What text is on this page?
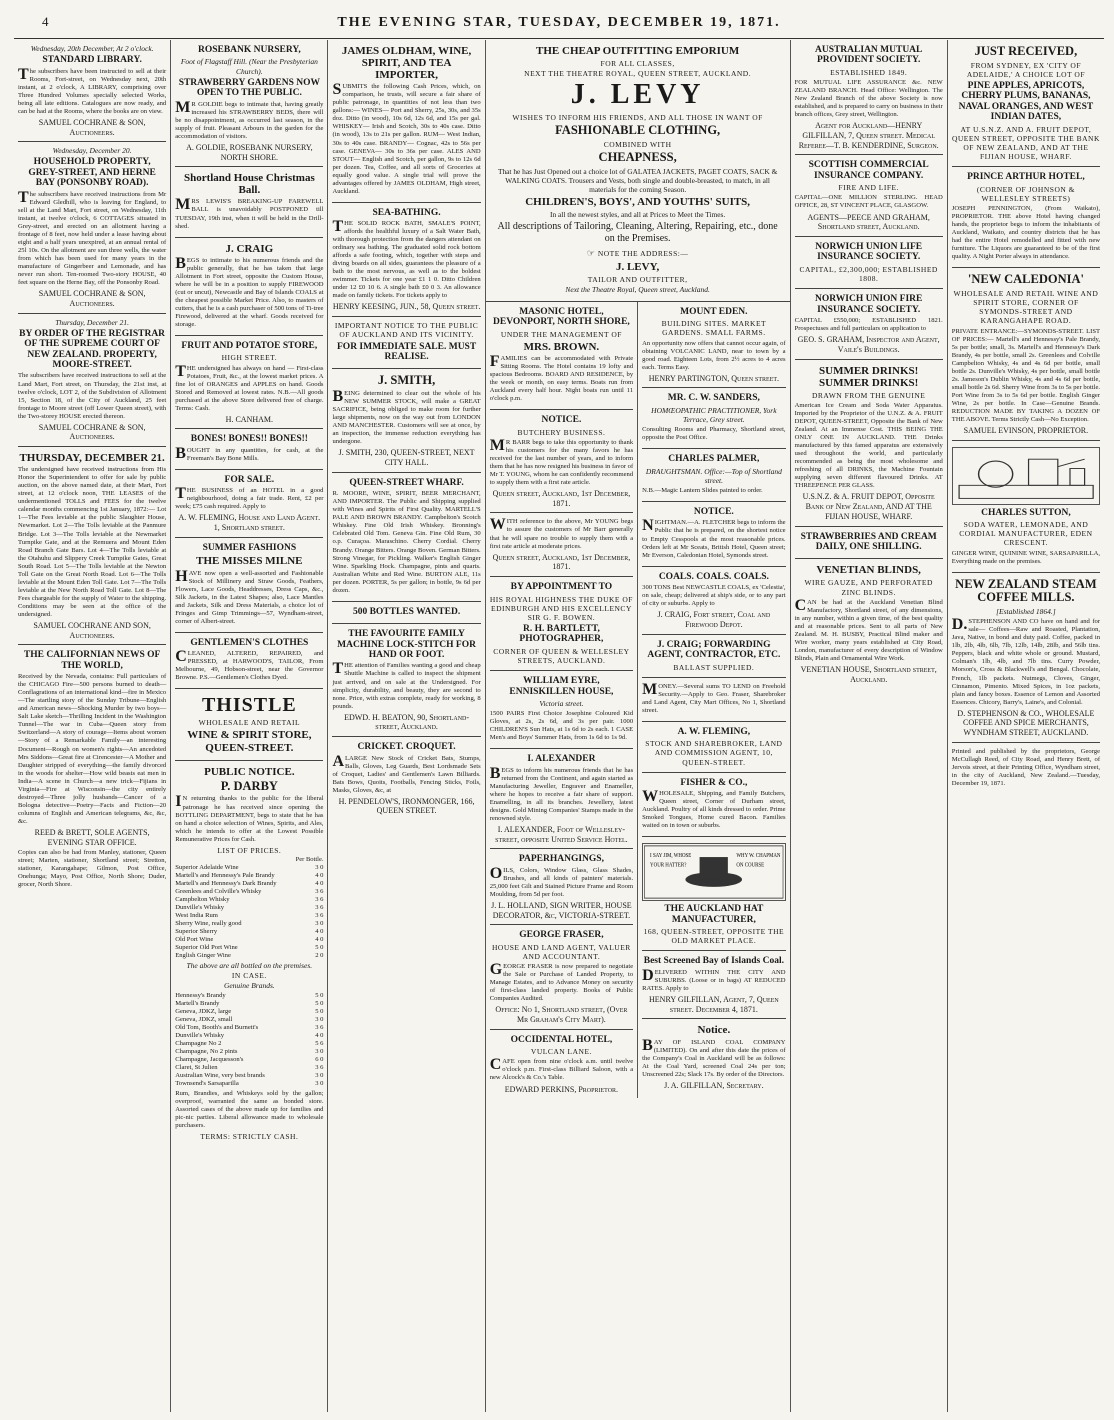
4	THE EVENING STAR, TUESDAY, DECEMBER 19, 1871.
Wednesday, 20th December, At 2 o'clock.
STANDARD LIBRARY.

The subscribers have been instructed to sell at their Rooms, Fort-street, on Wednesday next, 20th instant, at 2 o'clock, A LIBRARY, comprising over Three Hundred Volumes specially selected Works, being all late editions. Catalogues are now ready, and can be had at the Rooms, where the books are on view.

SAMUEL COCHRANE & SON, Auctioneers.
Wednesday, December 20.
HOUSEHOLD PROPERTY, GREY-STREET, AND HERNE BAY (PONSONBY ROAD).

The subscribers have received instructions from Mr Edward Gledhill, who is leaving for England, to sell at the Land Mart, Fort street, on Wednesday, 11th instant, at twelve o'clock, 6 COTTAGES situated in Grey-street, and erected on an allotment having a frontage of 8 feet, now held under a lease having about eight and a half years unexpired, at an annual rental of 25l 10s. On the allotment are sun three wells, the water from which has been used for many years in the manufacture of Gingerbeer and Lemonade, and has never run short. Ten-roomed Two-story HOUSE, 40 feet square on the Herne Bay, off the Ponsonby Road.

SAMUEL COCHRANE & SON, Auctioneers.
Thursday, December 21.
BY ORDER OF THE REGISTRAR OF THE SUPREME COURT OF NEW ZEALAND. PROPERTY, MOORE-STREET.

The subscribers have received instructions to sell at the Land Mart, Fort street, on Thursday, the 21st inst, at twelve o'clock, LOT 2, of the Subdivision of Allotment 15, Section 18, of the City of Auckland, 25 feet frontage to Moore street (off Lower Queen street), with the Two-storey HOUSE erected thereon.

SAMUEL COCHRANE & SON, Auctioneers.
THURSDAY, DECEMBER 21.

The undersigned have received instructions from His Honor the Superintendent to offer for sale by public auction, on the above named date, at their Mart, Fort street, at 12 o'clock noon, THE LEASES of the undermentioned TOLLS and FEES for the twelve calendar months commencing 1st January, 1872:— Lot 1—The Fees leviable at the public Slaughter House, Newmarket. Lot 2—The Tolls leviable at the Panmure Bridge. Lot 3—The Tolls leviable at the Newmarket Turnpike Gate, and at the Remuera and Mount Eden Road Branch Gate Bars. Lot 4—The Tolls leviable at the Otahuhu and Slippery Creek Turnpike Gates, Great South Road. Lot 5—The Tolls leviable at the Newton Toll Gate on the Great North Road. Lot 6—The Tolls leviable at the Mount Eden Toll Gate. Lot 7—The Tolls leviable at the New North Road Toll Gate. Lot 8—The Fees chargeable for the supply of Water to the shipping. Conditions may be seen at the office of the undersigned.

SAMUEL COCHRANE AND SON, Auctioneers.
THE CALIFORNIAN NEWS OF THE WORLD,

Received by the Nevada, contains: Full particulars of the CHICAGO Fire—500 persons burned to death—Conflagrations of an international kind—fire in Mexico—The startling story of the Sunday Tribune—English and American news—Shocking Murder by two boys—Salt Lake sketch—Thrilling Incident in the Washington Tunnel—The war in Cuba—Queen story from Switzerland—A story of courage—Items about women—Story of a Remarkable Family—an interesting Document—Rough on women's rights—An ancedoted Mrs Siddons—Great fire at Cirencester—A Mother and Daughter stripped of everything—the family divorced in the woods for shelter—How wild beasts eat men in India—A scene in Church—a new trick—Fijians in Virginia—Fire at Wisconsin—the city entirely destroyed—Three jolly husbands—Cancer of a Bologna detective—Poetry—Facts and Fiction—20 columns of English and American telegrams, &c, &c, &c.

REED & BRETT, SOLE AGENTS, EVENING STAR OFFICE.

Copies can also be had from Manley, stationer, Queen street; Marten, stationer, Shortland street; Stretton, stationer, Karangahape; Gilmon, Post Office, Onehunga; Mayo, Post Office, North Shore; Duder, grocer, North Shore.

ROSEBANK NURSERY,
Foot of Flagstaff Hill. (Near the Presbyterian Church).
STRAWBERRY GARDENS NOW OPEN TO THE PUBLIC.

MR GOLDIE begs to intimate that, having greatly increased his STRAWBERRY BEDS, there will be no disappointment, as occurred last season, in the supply of fruit. Pleasant Arbours in the garden for the accommodation of visitors.

A. GOLDIE, ROSEBANK NURSERY, NORTH SHORE.
Shortland House Christmas Ball.

MRS LEWIS'S BREAKING-UP FAREWELL BALL is unavoidably POSTPONED till TUESDAY, 19th inst, when it will be held in the Drill-shed.

J. CRAIG

BEGS to intimate to his numerous friends and the public generally, that he has taken that large Allotment in Fort street, opposite the Custom House, where he will be in a position to supply FIREWOOD (cut or uncut), Newcastle and Bay of Islands COALS at the cheapest possible Market Price. Also, to masters of cutters, that he is a cash purchaser of 500 tons of Ti-tree Firewood, delivered at the wharf. Goods received for storage.

FRUIT AND POTATOE STORE,
HIGH STREET.

THE undersigned has always on hand — First-class Potatoes, Fruit, &c., at the lowest market prices. A fine lot of ORANGES and APPLES on hand. Goods Stored and Removed at lowest rates. N.B.—All goods purchased at the above Store delivered free of charge. Terms: Cash.

H. CANHAM.
BONES! BONES!! BONES!!

BOUGHT in any quantities, for cash, at the Freeman's Bay Bone Mills.

FOR SALE.

THE BUSINESS of an HOTEL in a good neighbourhood, doing a fair trade. Rent, £2 per week; £75 cash required. Apply to

A. W. FLEMING, House and Land Agent. 1, Shortland street.
SUMMER FASHIONS
THE MISSES MILNE

HAVE now open a well-assorted and Fashionable Stock of Millinery and Straw Goods, Feathers, Flowers, Lace Goods, Headdresses, Dress Caps, &c., Silk Jackets, in the Latest Shapes; also, Lace Mantles and Jackets, Silk and Dress Materials, a choice lot of Fringes and Gimp Trimmings—57, Wyndham-street, corner of Albert-street.

GENTLEMEN'S CLOTHES

CLEANED, ALTERED, REPAIRED, and PRESSED, at HARWOOD'S, TAILOR, From Melbourne, 49, Hobson-street, near the Governor Browne. P.S.—Gentlemen's Clothes Dyed.

THISTLE
WHOLESALE AND RETAIL
WINE & SPIRIT STORE, QUEEN-STREET.
PUBLIC NOTICE.
P. DARBY

IN returning thanks to the public for the liberal patronage he has received since opening the BOTTLING DEPARTMENT, begs to state that he has on hand a choice selection of Wines, Spirits, and Ales, which he intends to offer at the Lowest Possible Remunerative Prices for Cash.

LIST OF PRICES.
Per Bottle.
Superior Adelaide Wine	3 0
Martell's and Hennessy's Pale Brandy	4 0
Martell's and Hennessy's Dark Brandy	4 0
Greenlees and Colville's Whisky	3 6
Campbelton Whisky	3 6
Dunville's Whisky	3 6
West India Rum	3 6
Sherry Wine, really good	3 0
Superior Sherry	4 0
Old Port Wine	4 0
Superior Old Port Wine	5 0
English Ginger Wine	2 0
The above are all bottled on the premises.
IN CASE.
Genuine Brands.
Hennessy's Brandy	5 0
Martell's Brandy	5 0
Geneva, JDKZ, large	5 0
Geneva, JDKZ, small	3 0
Old Tom, Booth's and Burnett's	3 6
Dunville's Whisky	4 0
Champagne No 2	5 6
Champagne, No 2 pints	3 0
Champagne, Jacquesson's	6 0
Claret, St Julien	3 6
Australian Wine, very best brands	3 0
Townsend's Sarsaparilla	3 0

Rum, Brandies, and Whiskeys sold by the gallon; overproof, warranted the same as bonded store. Assorted cases of the above made up for families and pic-nic parties. Liberal allowance made to wholesale purchasers.

TERMS: STRICTLY CASH.
JAMES OLDHAM, WINE, SPIRIT, AND TEA IMPORTER,

SUBMITS the following Cash Prices, which, on comparison, he trusts, will secure a fair share of public patronage, in quantities of not less than two gallons:— WINES— Port and Sherry, 25s, 30s, and 35s doz. Ditto (in wood), 10s 6d, 12s 6d, and 15s per gal. WHISKEY— Irish and Scotch, 30s to 40s case. Ditto (in wood), 13s to 21s per gallon. RUM— West Indian, 30s to 40s case. BRANDY— Cognac, 42s to 56s per case. GENEVA— 30s to 36s per case. ALES AND STOUT— English and Scotch, per gallon, 9s to 12s 6d per dozen. Tea, Coffee, and all sorts of Groceries at equally good value. A single trial will prove the advantages offered by JAMES OLDHAM, High street, Auckland.

SEA-BATHING.

THE SOLID ROCK BATH, SMALE'S POINT, affords the healthful luxury of a Salt Water Bath, with thorough protection from the dangers attendant on ordinary sea bathing. The graduated solid rock bottom affords a safe footing, which, together with steps and diving boards on all sides, guarantees the pleasure of a bath to the most nervous, as well as to the boldest swimmer. Tickets for one year £1 1 0. Ditto Children under 12 £0 10 6. A single bath £0 0 3. An allowance made on family tickets. For tickets apply to

HENRY KEESING, JUN., 58, Queen street.
IMPORTANT NOTICE TO THE PUBLIC OF AUCKLAND AND ITS VICINITY.
FOR IMMEDIATE SALE. MUST REALISE.
J. SMITH,

BEING determined to clear out the whole of his NEW SUMMER STOCK, will make a GREAT SACRIFICE, being obliged to make room for further large shipments, now on the way out from LONDON AND MANCHESTER. Customers will see at once, by an inspection, the immense reduction everything has undergone.

J. SMITH, 230, QUEEN-STREET, NEXT CITY HALL.
QUEEN-STREET WHARF.

R. MOORE, WINE, SPIRIT, BEER MERCHANT, AND IMPORTER. The Public and Shipping supplied with Wines and Spirits of First Quality. MARTELL'S PALE AND BROWN BRANDY. Campbelton's Scotch Whiskey. Fine Old Irish Whiskey. Bronning's Celebrated Old Tom. Geneva Gin. Fine Old Rum, 30 o.p. Curaçoa. Maraschino. Cherry Cordial. Cherry Brandy. Orange Bitters. Orange Boven. German Bitters. Strong Vinegar, for Pickling. Walker's English Ginger Wine. Sparkling Hock. Champagne, pints and quarts. Australian White and Red Wine. BURTON ALE, 11s per dozen. PORTER, 5s per gallon; in bottle, 9s 6d per dozen.

500 BOTTLES WANTED.
THE FAVOURITE FAMILY MACHINE LOCK-STITCH FOR HAND OR FOOT.

THE attention of Families wanting a good and cheap Shuttle Machine is called to inspect the shipment just arrived, and on sale at the Undersigned. For simplicity, durability, and beauty, they are second to none. Price, with extras complete, ready for working, 8 pounds.

EDWD. H. BEATON, 90, Shortland-street, Auckland.
CRICKET. CROQUET.

ALARGE New Stock of Cricket Bats, Stumps, Balls, Gloves, Leg Guards, Best Lordsmade Sets of Croquet, Ladies' and Gentlemen's Lawn Billiards. Bats Bows, Quoits, Footballs, Fencing Sticks, Foils, Masks, Gloves, &c, at

H. PENDELOW'S, IRONMONGER, 166, QUEEN STREET.
THE CHEAP OUTFITTING EMPORIUM
FOR ALL CLASSES,
NEXT THE THEATRE ROYAL, QUEEN STREET, AUCKLAND.
J. LEVY
WISHES TO INFORM HIS FRIENDS, AND ALL THOSE IN WANT OF
FASHIONABLE CLOTHING,
COMBINED WITH
CHEAPNESS,

That he has Just Opened out a choice lot of GALATEA JACKETS, PAGET COATS, SACK & WALKING COATS. Trousers and Vests, both single and double-breasted, to match, in all materials for the coming Season.

CHILDREN'S, BOYS', AND YOUTHS' SUITS,

In all the newest styles, and all at Prices to Meet the Times.

All descriptions of Tailoring, Cleaning, Altering, Repairing, etc., done on the Premises.

☞ NOTE THE ADDRESS:—
J. LEVY,
TAILOR AND OUTFITTER,
Next the Theatre Royal, Queen street, Auckland.
MASONIC HOTEL, DEVONPORT, NORTH SHORE,
UNDER THE MANAGEMENT OF
MRS. BROWN.

FAMILIES can be accommodated with Private Sitting Rooms. The Hotel contains 19 lofty and spacious Bedrooms. BOARD AND RESIDENCE, by the week or month, on easy terms. Boats run from Auckland every half hour. Night boats run until 11 o'clock p.m.

NOTICE.
BUTCHERY BUSINESS.

MR BARR begs to take this opportunity to thank his customers for the many favors he has received for the last number of years, and to inform them that he has now resigned his business in favor of Mr T. YOUNG, whom he can confidently recommend to supply them with a first rate article.

Queen street, Auckland, 1st December, 1871.

WITH reference to the above, Mr YOUNG begs to assure the customers of Mr Barr generally that he will spare no trouble to supply them with a first rate article at moderate prices.

Queen street, Auckland, 1st December, 1871.
BY APPOINTMENT TO
HIS ROYAL HIGHNESS THE DUKE OF EDINBURGH AND HIS EXCELLENCY SIR G. F. BOWEN.
R. H. BARTLETT, PHOTOGRAPHER,
CORNER OF QUEEN & WELLESLEY STREETS, AUCKLAND.
WILLIAM EYRE, ENNISKILLEN HOUSE,
Victoria street.

1500 PAIRS First Choice Josephine Coloured Kid Gloves, at 2s, 2s 6d, and 3s per pair. 1000 CHILDREN'S Sun Hats, at 1s 6d to 2s each. 1 CASE Men's and Boys' Summer Hats, from 1s 6d to 1s 9d.

I. ALEXANDER

BEGS to inform his numerous friends that he has returned from the Continent, and again started as Manufacturing Jeweller, Engraver and Enameller, where he hopes to receive a fair share of support. Enamelling, in all its branches. Jewellery, latest designs. Gold Mining Companies' Stamps made in the renowned style.

I. ALEXANDER, Foot of Wellesley-street, opposite United Service Hotel.
PAPERHANGINGS,

OILS, Colors, Window Glass, Glass Shades, Brushes, and all kinds of painters' materials. 25,000 feet Gilt and Stained Picture Frame and Room Moulding, from 5d per foot.

J. L. HOLLAND, SIGN WRITER, HOUSE DECORATOR, &c, VICTORIA-STREET.
GEORGE FRASER,
HOUSE AND LAND AGENT, VALUER AND ACCOUNTANT.

GEORGE FRASER is now prepared to negotiate the Sale or Purchase of Landed Property, to Manage Estates, and to Advance Money on security of first-class landed property. Books of Public Companies Audited.

Office: No 1, Shortland street, (Over Mr Graham's City Mart).
OCCIDENTAL HOTEL,
VULCAN LANE.

CAFE open from nine o'clock a.m. until twelve o'clock p.m. First-class Billiard Saloon, with a new Alcock's & Co.'s Table.

EDWARD PERKINS, Proprietor.
MOUNT EDEN.
BUILDING SITES. MARKET GARDENS. SMALL FARMS.

An opportunity now offers that cannot occur again, of obtaining VOLCANIC LAND, near to town by a good road. Eighteen Lots, from 2½ acres to 4 acres each. Terms Easy.

HENRY PARTINGTON, Queen street.
MR. C. W. SANDERS,
HOMŒOPATHIC PRACTITIONER, York Terrace, Grey street.

Consulting Rooms and Pharmacy, Shortland street, opposite the Post Office.

CHARLES PALMER,
DRAUGHTSMAN. Office:—Top of Shortland street.

N.B.—Magic Lantern Slides painted to order.

NOTICE.

NIGHTMAN.—A. FLETCHER begs to inform the Public that he is prepared, on the shortest notice to Empty Cesspools at the most reasonable prices. Orders left at Mr Sceats, British Hotel, Queen street; Mr Everson, Caledonian Hotel, Symonds street.

COALS. COALS. COALS.

300 TONS Best NEWCASTLE COALS, ex 'Celestia', on sale, cheap; delivered at ship's side, or to any part of city or suburbs. Apply to

J. CRAIG, Fort street, Coal and Firewood Depot.
J. CRAIG; FORWARDING AGENT, CONTRACTOR, ETC.
BALLAST SUPPLIED.

MONEY.—Several sums TO LEND on Freehold Security.—Apply to Geo. Fraser, Sharebroker and Land Agent, City Mart Offices, No 1, Shortland street.

A. W. FLEMING,
STOCK AND SHAREBROKER, LAND AND COMMISSION AGENT, 10, QUEEN-STREET.
FISHER & CO.,

WHOLESALE, Shipping, and Family Butchers, Queen street, Corner of Durham street, Auckland. Poultry of all kinds dressed to order. Prime Smoked Tongues, Home cured Bacon. Families waited on in town or suburbs.

I SAY JIM, WHOSE
YOUR HATTER?
WHY W. CHAPMAN
ON COURSE
THE AUCKLAND HAT MANUFACTURER,
168, QUEEN-STREET, OPPOSITE THE OLD MARKET PLACE.
Best Screened Bay of Islands Coal.

DELIVERED WITHIN THE CITY AND SUBURBS. (Loose or in bags) AT REDUCED RATES. Apply to

HENRY GILFILLAN, Agent, 7, Queen street. December 4, 1871.
Notice.

BAY OF ISLAND COAL COMPANY (LIMITED). On and after this date the prices of the Company's Coal in Auckland will be as follows: At the Coal Yard, screened Coal 24s per ton; Unscreened 22s; Slack 17s. By order of the Directors.

J. A. GILFILLAN, Secretary.
AUSTRALIAN MUTUAL PROVIDENT SOCIETY.
ESTABLISHED 1849.

FOR MUTUAL LIFE ASSURANCE &c. NEW ZEALAND BRANCH. Head Office: Wellington. The New Zealand Branch of the above Society is now established, and is prepared to carry on business in their branch offices, Grey street, Wellington.

Agent for Auckland—HENRY GILFILLAN, 7, Queen street. Medical Referee—T. B. KENDERDINE, Surgeon.
SCOTTISH COMMERCIAL INSURANCE COMPANY.
FIRE AND LIFE.

CAPITAL—ONE MILLION STERLING. HEAD OFFICE, 28, ST VINCENT PLACE, GLASGOW.

AGENTS—PEECE AND GRAHAM, Shortland street, Auckland.
NORWICH UNION LIFE INSURANCE SOCIETY.
CAPITAL, £2,300,000; ESTABLISHED 1808.
NORWICH UNION FIRE INSURANCE SOCIETY.

CAPITAL £550,000; ESTABLISHED 1821. Prospectuses and full particulars on application to

GEO. S. GRAHAM, Inspector and Agent, Vaile's Buildings.
SUMMER DRINKS! SUMMER DRINKS!
DRAWN FROM THE GENUINE

American Ice Cream and Soda Water Apparatus. Imported by the Proprietor of the U.N.Z. & A. FRUIT DEPOT, QUEEN-STREET, Opposite the Bank of New Zealand. At an Immense Cost. THIS BEING THE ONLY ONE IN AUCKLAND. THE Drinks manufactured by this famed apparatus are extensively used throughout the world, and particularly recommended as being the most wholesome and refreshing of all DRINKS, the Machine Fountain supplying seven different flavoured Drinks. AT THREEPENCE PER GLASS.

U.S.N.Z. & A. FRUIT DEPOT, Opposite Bank of New Zealand, AND AT THE FIJIAN HOUSE, WHARF.
STRAWBERRIES AND CREAM DAILY, ONE SHILLING.
VENETIAN BLINDS,
WIRE GAUZE, AND PERFORATED ZINC BLINDS.

CAN be had at the Auckland Venetian Blind Manufactory, Shortland street, of any dimensions, in any number, within a given time, of the best quality and at reasonable prices. Sent to all parts of New Zealand. M. H. BUSBY, Practical Blind maker and Wire worker, many years established at City Road, London, manufacturer of every description of Window Blinds, Plain and Ornamental Wire Work.

VENETIAN HOUSE, Shortland street, Auckland.
JUST RECEIVED,
FROM SYDNEY, EX 'CITY OF ADELAIDE,' A CHOICE LOT OF
PINE APPLES, APRICOTS, CHERRY PLUMS, BANANAS, NAVAL ORANGES, AND WEST INDIAN DATES,
AT U.S.N.Z. AND A. FRUIT DEPOT, QUEEN STREET, OPPOSITE THE BANK OF NEW ZEALAND, AND AT THE FIJIAN HOUSE, WHARF.
PRINCE ARTHUR HOTEL,
(CORNER OF JOHNSON & WELLESLEY STREETS)

JOSEPH PENNINGTON, (From Waikato), PROPRIETOR. THE above Hotel having changed hands, the proprietor begs to inform the inhabitants of Auckland, Waikato, and country districts that he has had the entire Hotel remodelled and fitted with new furniture. The Liquors are guaranteed to be of the first quality. A Night Porter always in attendance.

'NEW CALEDONIA'
WHOLESALE AND RETAIL WINE AND SPIRIT STORE, CORNER OF SYMONDS-STREET AND KARANGAHAPE ROAD.

PRIVATE ENTRANCE:—SYMONDS-STREET. LIST OF PRICES:— Martell's and Hennessy's Pale Brandy, 5s per bottle; small, 3s. Martell's and Hennessy's Dark Brandy, 4s per bottle, small 2s. Greenlees and Colville Campbelton Whisky, 4s and 4s 6d per bottle, small bottle 2s. Dunville's Whisky, 4s per bottle, small bottle 2s. Jameson's Dublin Whisky, 4s and 4s 6d per bottle, small bottle 2s 6d. Sherry Wine from 3s to 5s per bottle. Port Wine from 3s to 5s 6d per bottle. English Ginger Wine, 2s per bottle. In Case—Genuine Brands. REDUCTION MADE BY TAKING A DOZEN OF THE ABOVE. Terms Strictly Cash—No Exception.

SAMUEL EVINSON, PROPRIETOR.
CHARLES SUTTON,
SODA WATER, LEMONADE, AND CORDIAL MANUFACTURER, EDEN CRESCENT.

GINGER WINE, QUININE WINE, SARSAPARILLA, Everything made on the premises.

NEW ZEALAND STEAM COFFEE MILLS.
[Established 1864.]

D.STEPHENSON AND CO have on hand and for sale— Coffees—Raw and Roasted, Plantation, Java, Native, in bond and duty paid. Coffee, packed in 1lb, 2lb, 4lb, 6lb, 7lb, 12lb, 14lb, 28lb, and 56lb tins. Peppers, black and white whole or ground. Mustard, Colman's 1lb, 4lb, and 7lb tins. Curry Powder, Morson's, Cross & Blackwell's and Bengal. Chocolate, French, 1lb packets. Nutmegs, Cloves, Ginger, Cinnamon, Pimento. Mixed Spices, in 1oz packets, plain and fancy boxes. Essence of Lemon and Assorted Essences. Chicory, Barry's, Laine's, and Colonial.

D. STEPHENSON & CO., WHOLESALE COFFEE AND SPICE MERCHANTS, WYNDHAM STREET, AUCKLAND.

Printed and published by the proprietors, George McCullagh Reed, of City Road, and Henry Brett, of Jervois street, at their Printing Office, Wyndham street, in the city of Auckland, New Zealand.—Tuesday, December 19, 1871.
